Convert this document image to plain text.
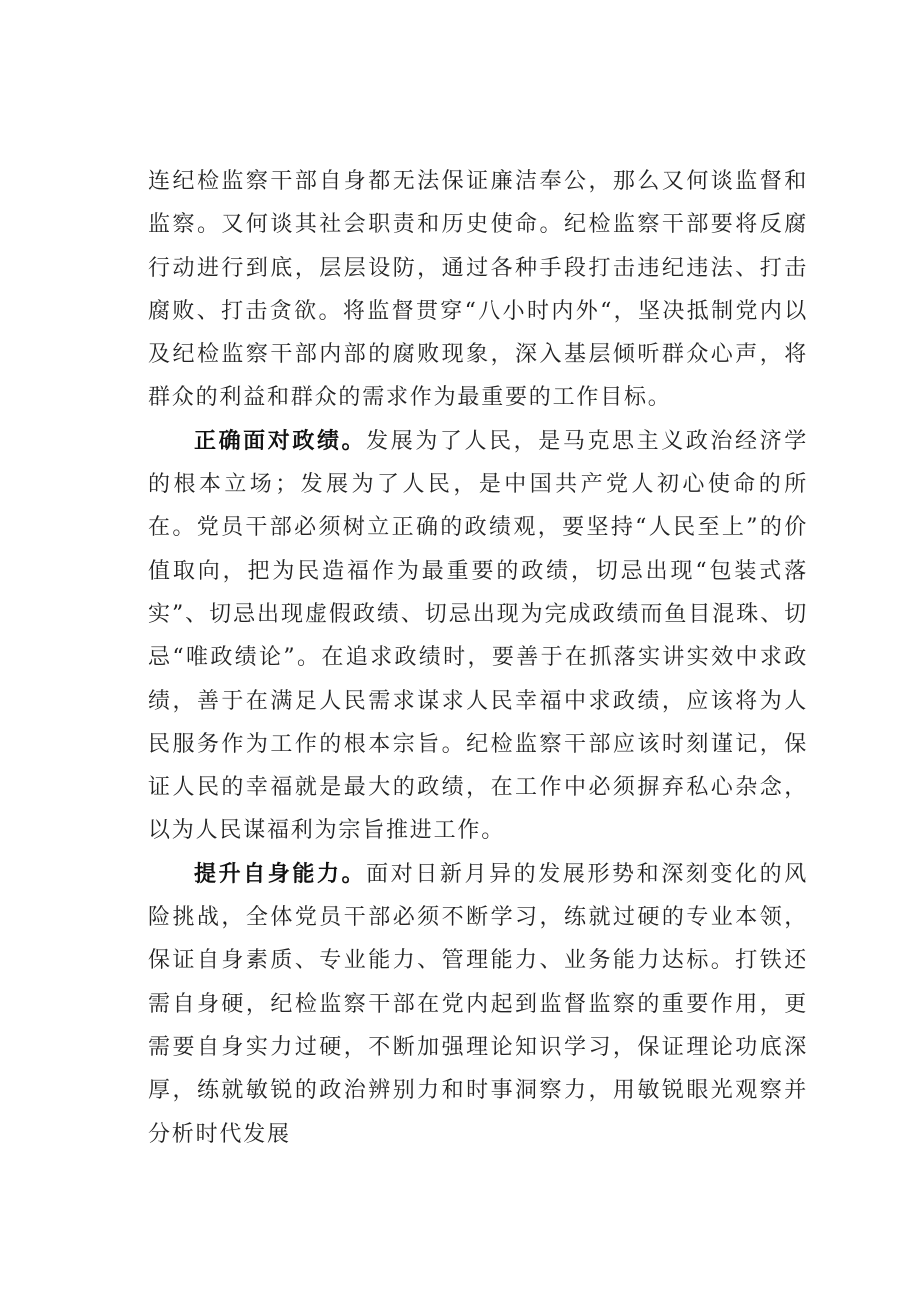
连纪检监察干部自身都无法保证廉洁奉公，那么又何谈监督和监察。又何谈其社会职责和历史使命。纪检监察干部要将反腐行动进行到底，层层设防，通过各种手段打击违纪违法、打击腐败、打击贪欲。将监督贯穿“八小时内外“，坚决抵制党内以及纪检监察干部内部的腐败现象，深入基层倾听群众心声，将群众的利益和群众的需求作为最重要的工作目标。

正确面对政绩。发展为了人民，是马克思主义政治经济学的根本立场；发展为了人民，是中国共产党人初心使命的所在。党员干部必须树立正确的政绩观，要坚持“人民至上”的价值取向，把为民造福作为最重要的政绩，切忌出现“包装式落实”、切忌出现虚假政绩、切忌出现为完成政绩而鱼目混珠、切忌“唯政绩论”。在追求政绩时，要善于在抓落实讲实效中求政绩，善于在满足人民需求谋求人民幸福中求政绩，应该将为人民服务作为工作的根本宗旨。纪检监察干部应该时刻谨记，保证人民的幸福就是最大的政绩，在工作中必须摒弃私心杂念，以为人民谋福利为宗旨推进工作。

提升自身能力。面对日新月异的发展形势和深刻变化的风险挑战，全体党员干部必须不断学习，练就过硬的专业本领，保证自身素质、专业能力、管理能力、业务能力达标。打铁还需自身硬，纪检监察干部在党内起到监督监察的重要作用，更需要自身实力过硬，不断加强理论知识学习，保证理论功底深厚，练就敏锐的政治辨别力和时事洞察力，用敏锐眼光观察并分析时代发展
